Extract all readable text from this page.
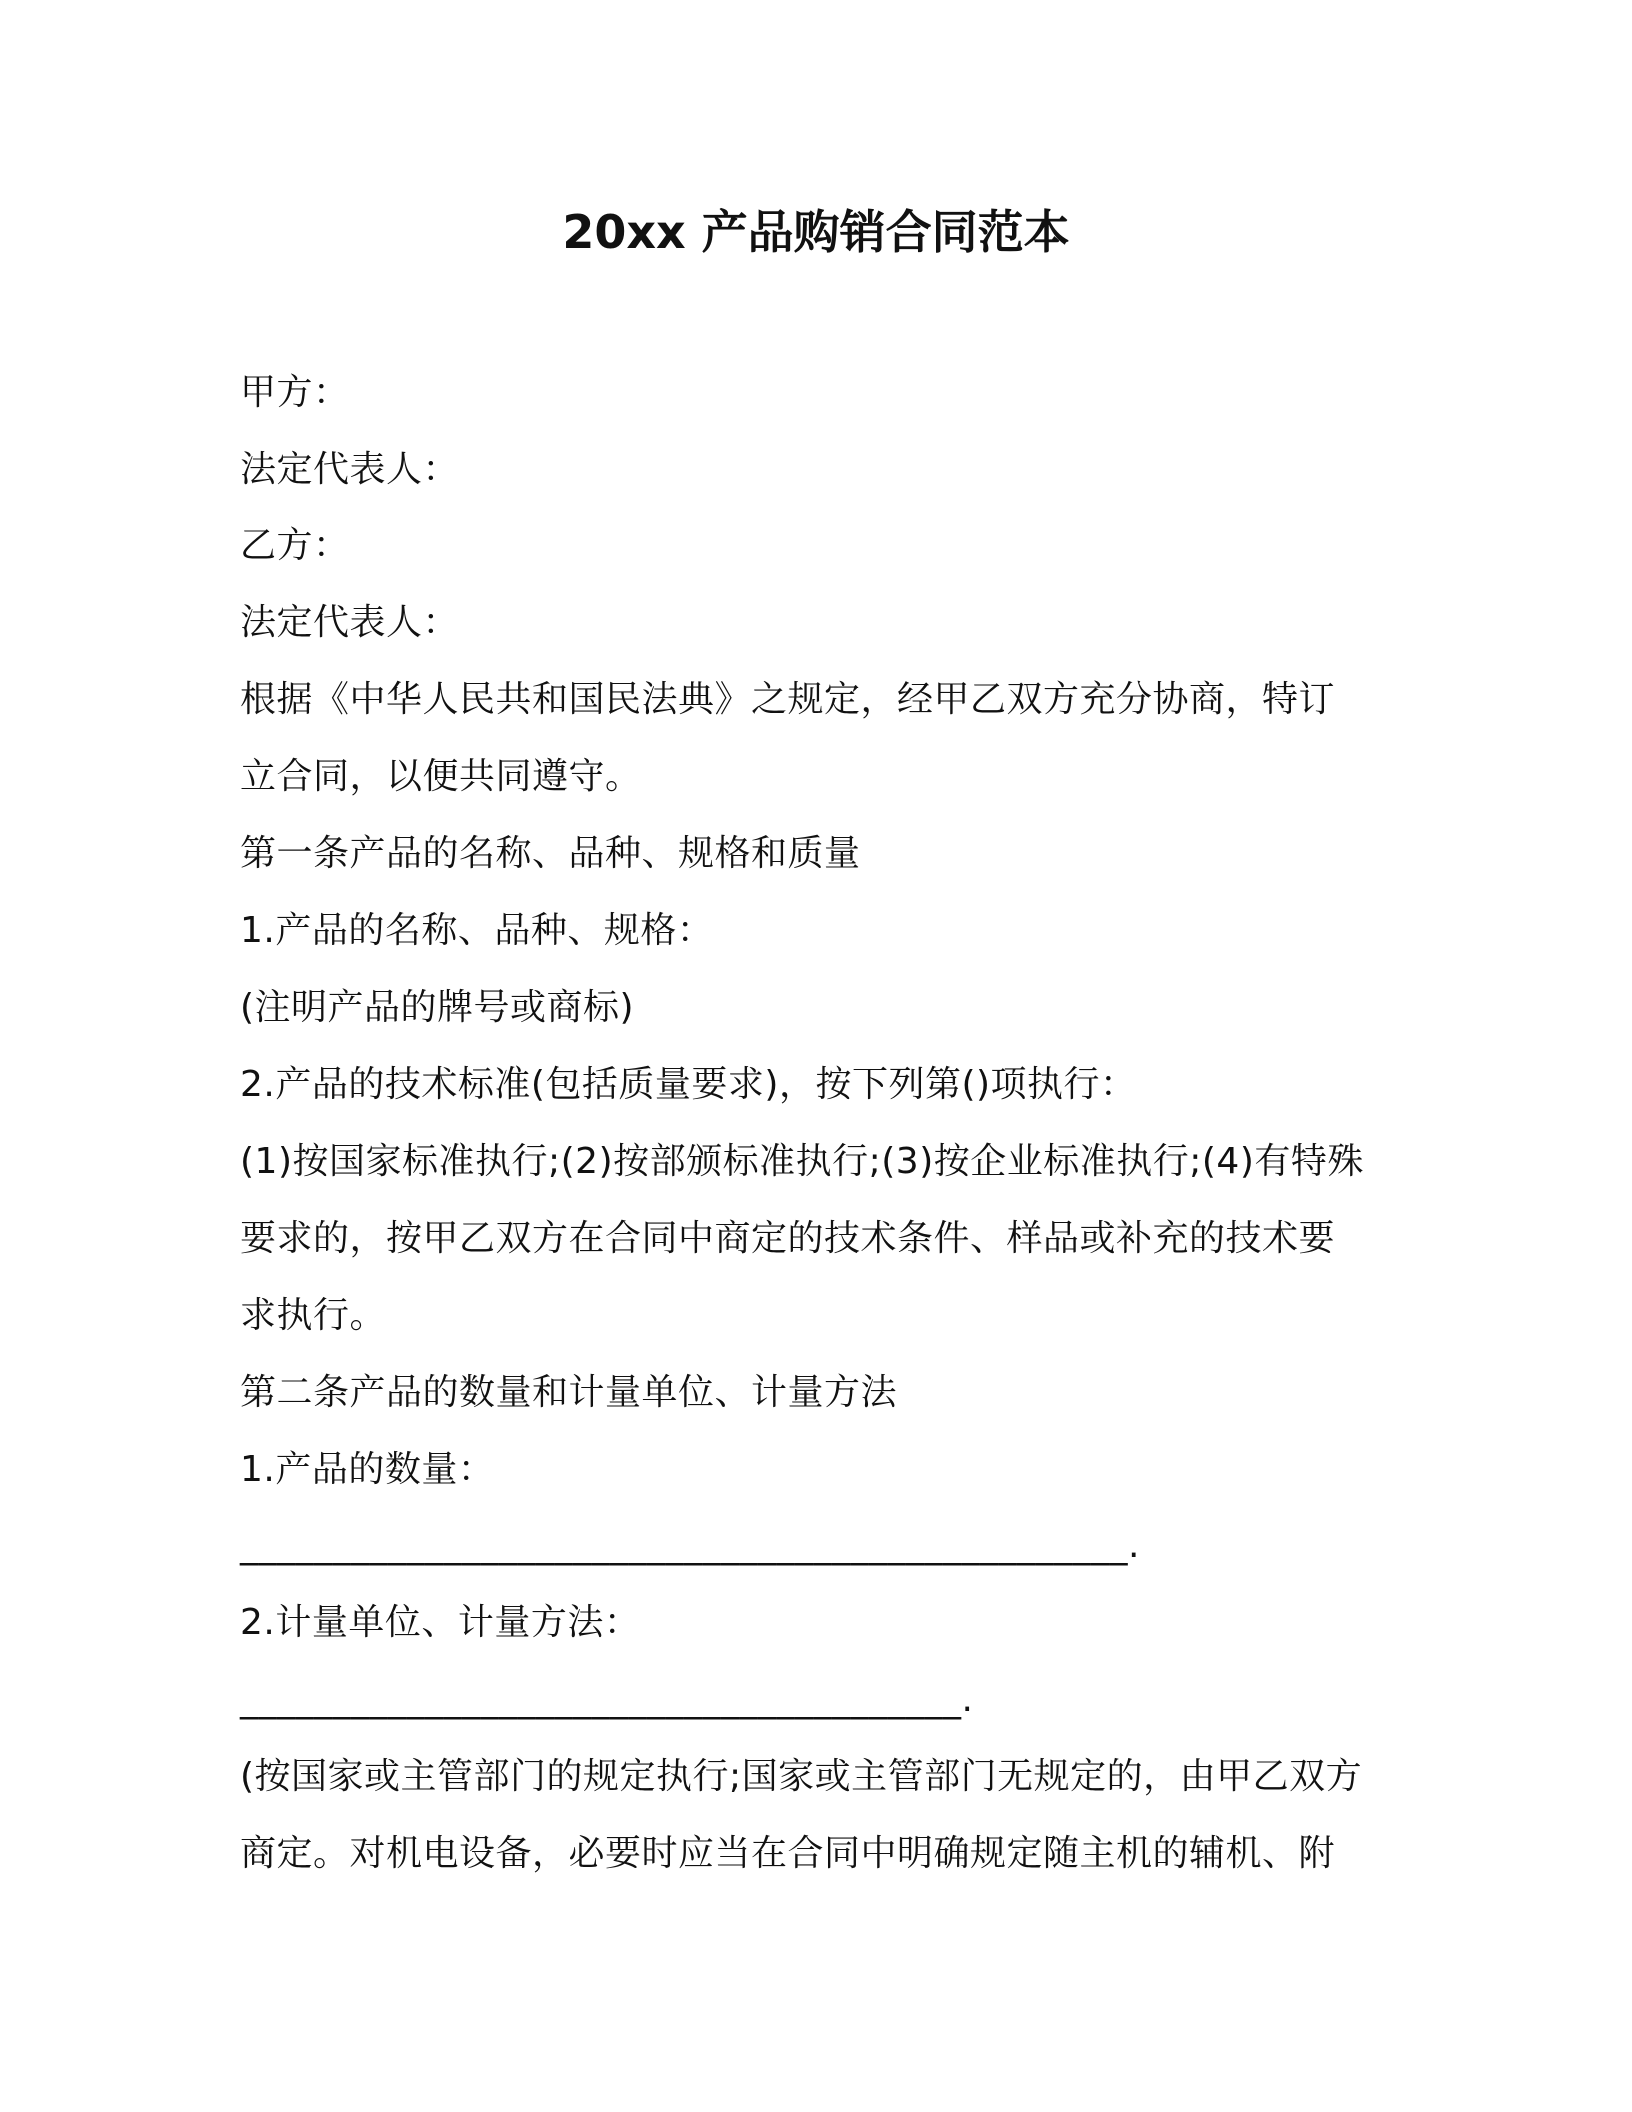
20xx 产品购销合同范本
甲方：
法定代表人：
乙方：
法定代表人：
根据《中华人民共和国民法典》之规定，经甲乙双方充分协商，特订
立合同，以便共同遵守。
第一条产品的名称、品种、规格和质量
1.产品的名称、品种、规格：
(注明产品的牌号或商标)
2.产品的技术标准(包括质量要求)，按下列第()项执行：
(1)按国家标准执行;(2)按部颁标准执行;(3)按企业标准执行;(4)有特殊
要求的，按甲乙双方在合同中商定的技术条件、样品或补充的技术要
求执行。
第二条产品的数量和计量单位、计量方法
1.产品的数量：
________________________________________________.
2.计量单位、计量方法：
_______________________________________.
(按国家或主管部门的规定执行;国家或主管部门无规定的，由甲乙双方
商定。对机电设备，必要时应当在合同中明确规定随主机的辅机、附
